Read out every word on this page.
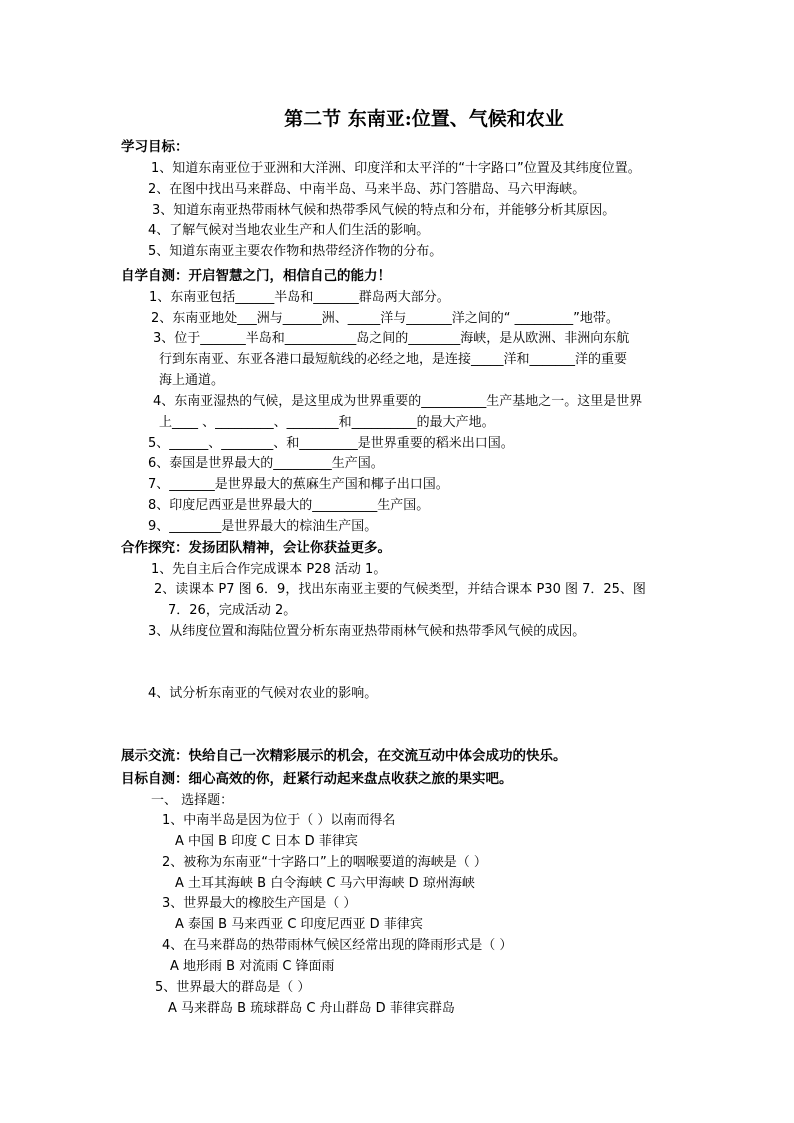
第二节 东南亚:位置、气候和农业
学习目标：
1、知道东南亚位于亚洲和大洋洲、印度洋和太平洋的“十字路口”位置及其纬度位置。
2、在图中找出马来群岛、中南半岛、马来半岛、苏门答腊岛、马六甲海峡。
3、知道东南亚热带雨林气候和热带季风气候的特点和分布，并能够分析其原因。
4、了解气候对当地农业生产和人们生活的影响。
5、知道东南亚主要农作物和热带经济作物的分布。
自学自测：开启智慧之门，相信自己的能力！
1、东南亚包括______半岛和_______群岛两大部分。
2、东南亚地处___洲与______洲、_____洋与_______洋之间的“ _________”地带。
3、位于_______半岛和___________岛之间的________海峡，是从欧洲、非洲向东航
行到东南亚、东亚各港口最短航线的必经之地，是连接_____洋和_______洋的重要
海上通道。
4、东南亚湿热的气候，是这里成为世界重要的__________生产基地之一。这里是世界
上____ 、_________、________和__________的最大产地。
5、______、________、和_________是世界重要的稻米出口国。
6、泰国是世界最大的_________生产国。
7、_______是世界最大的蕉麻生产国和椰子出口国。
8、印度尼西亚是世界最大的__________生产国。
9、________是世界最大的棕油生产国。
合作探究：发扬团队精神，会让你获益更多。
1、先自主后合作完成课本 P28 活动 1。
2、读课本 P7 图 6．9，找出东南亚主要的气候类型，并结合课本 P30 图 7．25、图
7．26，完成活动 2。
3、从纬度位置和海陆位置分析东南亚热带雨林气候和热带季风气候的成因。
4、试分析东南亚的气候对农业的影响。
展示交流：快给自己一次精彩展示的机会，在交流互动中体会成功的快乐。
目标自测：细心高效的你，赶紧行动起来盘点收获之旅的果实吧。
一、 选择题：
1、中南半岛是因为位于（ ）以南而得名
A 中国 B 印度 C 日本 D 菲律宾
2、被称为东南亚“十字路口”上的咽喉要道的海峡是（ ）
A 土耳其海峡 B 白令海峡 C 马六甲海峡 D 琼州海峡
3、世界最大的橡胶生产国是（ ）
A 泰国 B 马来西亚 C 印度尼西亚 D 菲律宾
4、在马来群岛的热带雨林气候区经常出现的降雨形式是（ ）
A 地形雨 B 对流雨 C 锋面雨
5、世界最大的群岛是（ ）
A 马来群岛 B 琉球群岛 C 舟山群岛 D 菲律宾群岛
